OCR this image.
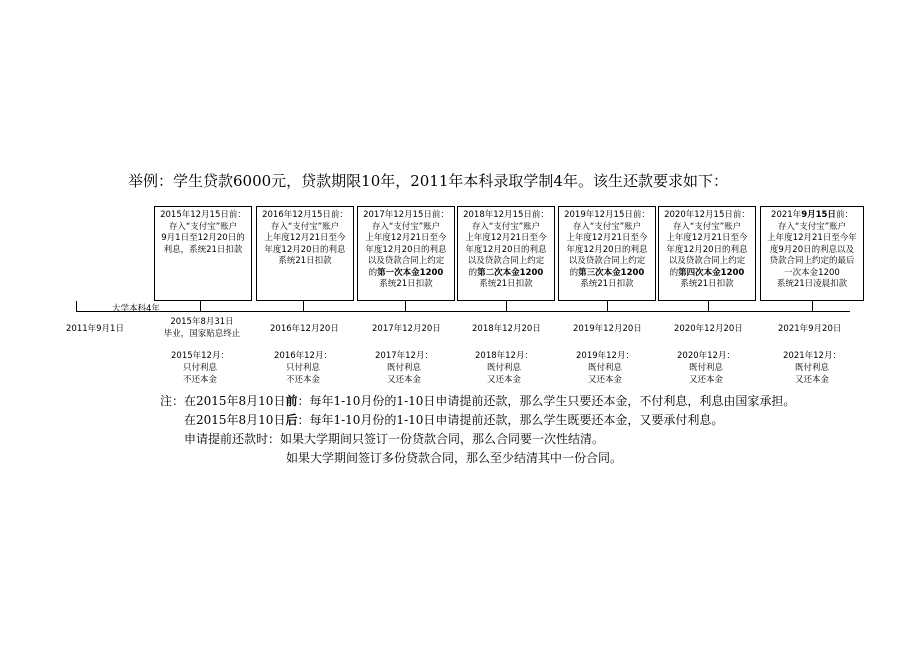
举例：学生贷款6000元，贷款期限10年，2011年本科录取学制4年。该生还款要求如下：
2015年12月15日前：
存入“支付宝”账户
9月1日至12月20日的
利息，系统21日扣款
2016年12月15日前：
存入“支付宝”账户
上年度12月21日至今
年度12月20日的利息
系统21日扣款
2017年12月15日前：
存入“支付宝”账户
上年度12月21日至今
年度12月20日的利息
以及贷款合同上约定
的第一次本金1200
系统21日扣款
2018年12月15日前：
存入“支付宝”账户
上年度12月21日至今
年度12月20日的利息
以及贷款合同上约定
的第二次本金1200
系统21日扣款
2019年12月15日前：
存入“支付宝”账户
上年度12月21日至今
年度12月20日的利息
以及贷款合同上约定
的第三次本金1200
系统21日扣款
2020年12月15日前：
存入“支付宝”账户
上年度12月21日至今
年度12月20日的利息
以及贷款合同上约定
的第四次本金1200
系统21日扣款
2021年9月15日前：
存入“支付宝”账户
上年度12月21日至今年
度9月20日的利息以及
贷款合同上约定的最后
一次本金1200
系统21日凌晨扣款
大学本科4年
2011年9月1日
2015年8月31日
毕业，国家贴息终止	2016年12月20日	2017年12月20日	2018年12月20日	2019年12月20日	2020年12月20日	2021年9月20日
2015年12月：
只付利息
不还本金
2016年12月：
只付利息
不还本金
2017年12月：
既付利息
又还本金
2018年12月：
既付利息
又还本金
2019年12月：
既付利息
又还本金
2020年12月：
既付利息
又还本金
2021年12月：
既付利息
又还本金
注：在2015年8月10日前：每年1-10月份的1-10日申请提前还款，那么学生只要还本金，不付利息，利息由国家承担。
在2015年8月10日后：每年1-10月份的1-10日申请提前还款，那么学生既要还本金，又要承付利息。
申请提前还款时：如果大学期间只签订一份贷款合同，那么合同要一次性结清。
如果大学期间签订多份贷款合同，那么至少结清其中一份合同。
